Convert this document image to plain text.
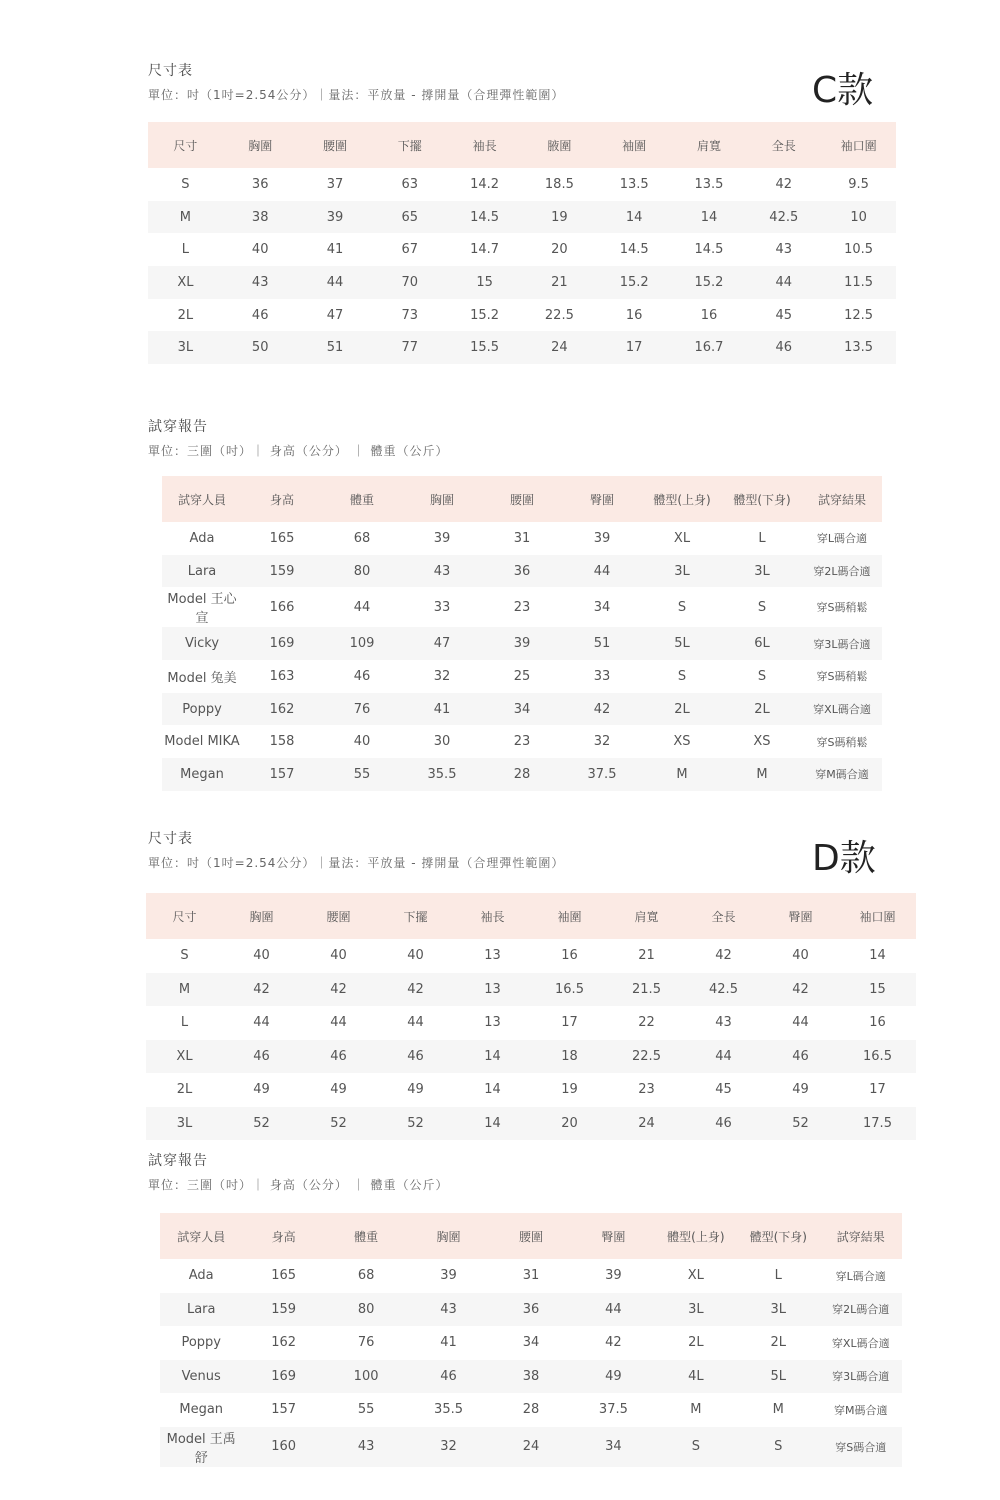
尺寸表
單位：吋（1吋=2.54公分）｜量法：平放量 - 撐開量（合理彈性範圍）	C款
尺寸	胸圍	腰圍	下擺	袖長	腋圍	袖圍	肩寬	全長	袖口圍
S	36	37	63	14.2	18.5	13.5	13.5	42	9.5
M	38	39	65	14.5	19	14	14	42.5	10
L	40	41	67	14.7	20	14.5	14.5	43	10.5
XL	43	44	70	15	21	15.2	15.2	44	11.5
2L	46	47	73	15.2	22.5	16	16	45	12.5
3L	50	51	77	15.5	24	17	16.7	46	13.5
試穿報告
單位：三圍（吋）｜ 身高（公分） ｜ 體重（公斤）
試穿人員	身高	體重	胸圍	腰圍	臀圍	體型(上身)	體型(下身)	試穿結果
Ada	165	68	39	31	39	XL	L	穿L碼合適
Lara	159	80	43	36	44	3L	3L	穿2L碼合適
Model 王心宣	166	44	33	23	34	S	S	穿S碼稍鬆
Vicky	169	109	47	39	51	5L	6L	穿3L碼合適
Model 兔美	163	46	32	25	33	S	S	穿S碼稍鬆
Poppy	162	76	41	34	42	2L	2L	穿XL碼合適
Model MIKA	158	40	30	23	32	XS	XS	穿S碼稍鬆
Megan	157	55	35.5	28	37.5	M	M	穿M碼合適
尺寸表
單位：吋（1吋=2.54公分）｜量法：平放量 - 撐開量（合理彈性範圍）	D款
尺寸	胸圍	腰圍	下擺	袖長	袖圍	肩寬	全長	臀圍	袖口圍
S	40	40	40	13	16	21	42	40	14
M	42	42	42	13	16.5	21.5	42.5	42	15
L	44	44	44	13	17	22	43	44	16
XL	46	46	46	14	18	22.5	44	46	16.5
2L	49	49	49	14	19	23	45	49	17
3L	52	52	52	14	20	24	46	52	17.5
試穿報告
單位：三圍（吋）｜ 身高（公分） ｜ 體重（公斤）
試穿人員	身高	體重	胸圍	腰圍	臀圍	體型(上身)	體型(下身)	試穿結果
Ada	165	68	39	31	39	XL	L	穿L碼合適
Lara	159	80	43	36	44	3L	3L	穿2L碼合適
Poppy	162	76	41	34	42	2L	2L	穿XL碼合適
Venus	169	100	46	38	49	4L	5L	穿3L碼合適
Megan	157	55	35.5	28	37.5	M	M	穿M碼合適
Model 王禹舒	160	43	32	24	34	S	S	穿S碼合適
